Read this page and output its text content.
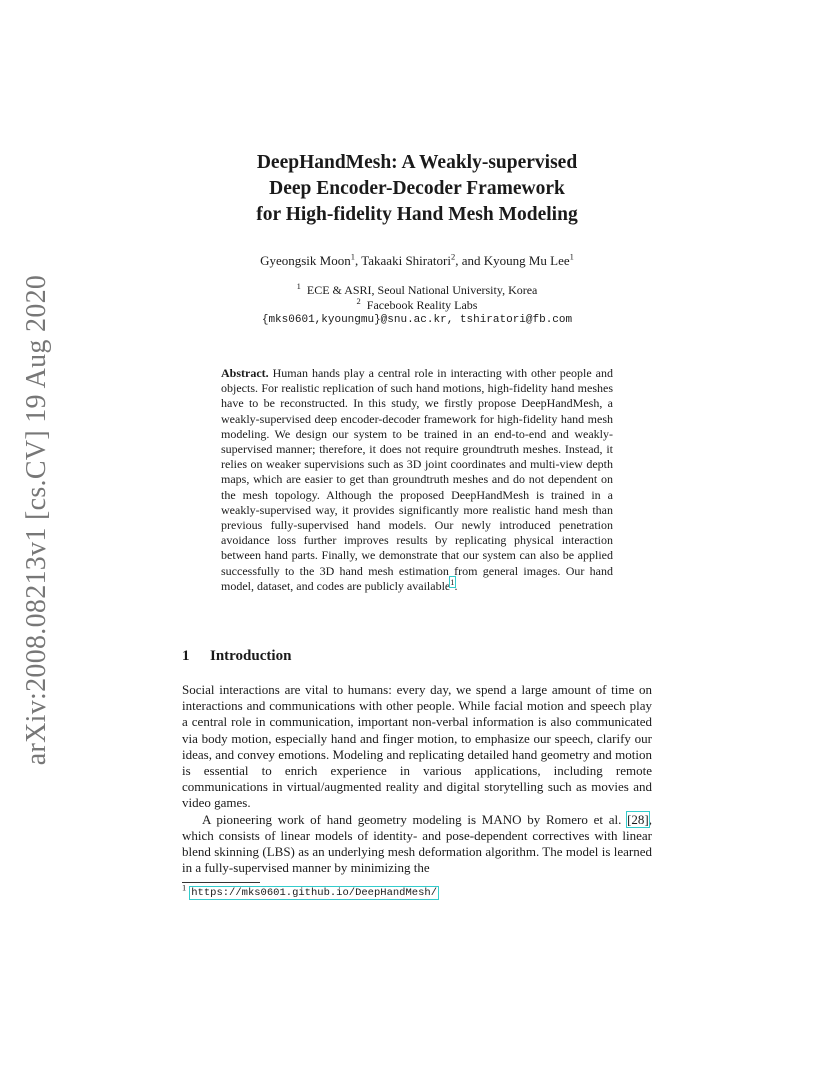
arXiv:2008.08213v1 [cs.CV] 19 Aug 2020
DeepHandMesh: A Weakly-supervised
Deep Encoder-Decoder Framework
for High-fidelity Hand Mesh Modeling
Gyeongsik Moon$^1$, Takaaki Shiratori$^2$, and Kyoung Mu Lee$^1$
$^1$ ECE & ASRI, Seoul National University, Korea
$^2$ Facebook Reality Labs
{mks0601,kyoungmu}@snu.ac.kr, tshiratori@fb.com
Abstract. Human hands play a central role in interacting with other people and objects. For realistic replication of such hand motions, high-fidelity hand meshes have to be reconstructed. In this study, we firstly propose DeepHandMesh, a weakly-supervised deep encoder-decoder framework for high-fidelity hand mesh modeling. We design our system to be trained in an end-to-end and weakly-supervised manner; therefore, it does not require groundtruth meshes. Instead, it relies on weaker supervisions such as 3D joint coordinates and multi-view depth maps, which are easier to get than groundtruth meshes and do not dependent on the mesh topology. Although the proposed DeepHandMesh is trained in a weakly-supervised way, it provides significantly more realistic hand mesh than previous fully-supervised hand models. Our newly introduced penetration avoidance loss further improves results by replicating physical interaction between hand parts. Finally, we demonstrate that our system can also be applied successfully to the 3D hand mesh estimation from general images. Our hand model, dataset, and codes are publicly available$^1$.
1 Introduction

Social interactions are vital to humans: every day, we spend a large amount of time on interactions and communications with other people. While facial motion and speech play a central role in communication, important non-verbal information is also communicated via body motion, especially hand and finger motion, to emphasize our speech, clarify our ideas, and convey emotions. Modeling and replicating detailed hand geometry and motion is essential to enrich experience in various applications, including remote communications in virtual/augmented reality and digital storytelling such as movies and video games.

A pioneering work of hand geometry modeling is MANO by Romero et al. [28], which consists of linear models of identity- and pose-dependent correctives with linear blend skinning (LBS) as an underlying mesh deformation algorithm. The model is learned in a fully-supervised manner by minimizing the

$^1$ https://mks0601.github.io/DeepHandMesh/
